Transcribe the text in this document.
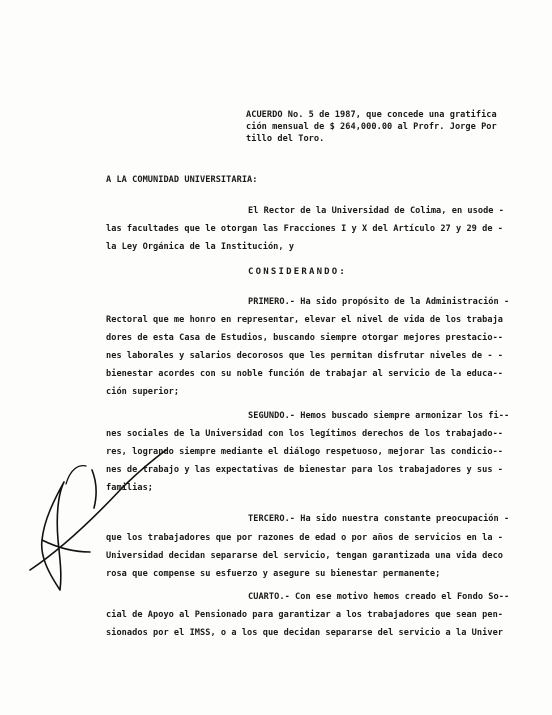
ACUERDO No. 5 de 1987, que concede una gratifica
ción mensual de $ 264,000.00 al Profr. Jorge Por
tillo del Toro.
A LA COMUNIDAD UNIVERSITARIA:
El Rector de la Universidad de Colima, en usode -
las facultades que le otorgan las Fracciones I y X del Artículo 27 y 29 de -
la Ley Orgánica de la Institución, y
CONSIDERANDO:
PRIMERO.- Ha sido propósito de la Administración -
Rectoral que me honro en representar, elevar el nivel de vida de los trabaja
dores de esta Casa de Estudios, buscando siempre otorgar mejores prestacio--
nes laborales y salarios decorosos que les permitan disfrutar niveles de - -
bienestar acordes con su noble función de trabajar al servicio de la educa--
ción superior;
SEGUNDO.- Hemos buscado siempre armonizar los fi--
nes sociales de la Universidad con los legítimos derechos de los trabajado--
res, logrando siempre mediante el diálogo respetuoso, mejorar las condicio--
nes de trabajo y las expectativas de bienestar para los trabajadores y sus -
familias;
TERCERO.- Ha sido nuestra constante preocupación -
que los trabajadores que por razones de edad o por años de servicios en la -
Universidad decidan separarse del servicio, tengan garantizada una vida deco
rosa que compense su esfuerzo y asegure su bienestar permanente;
CUARTO.- Con ese motivo hemos creado el Fondo So--
cial de Apoyo al Pensionado para garantizar a los trabajadores que sean pen-
sionados por el IMSS, o a los que decidan separarse del servicio a la Univer
